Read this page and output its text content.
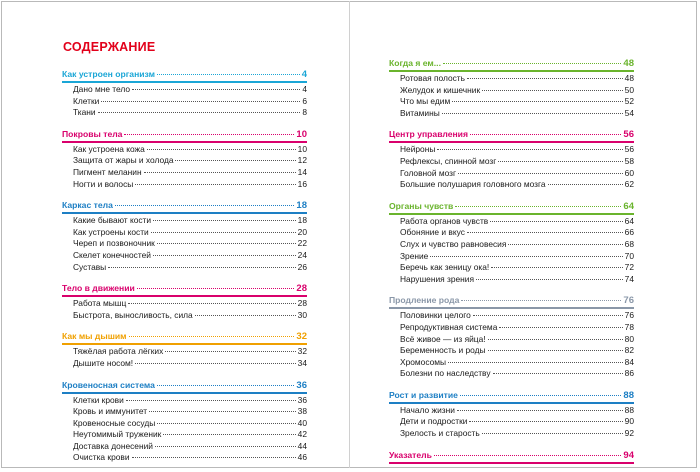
СОДЕРЖАНИЕ
Как устроен организм	4
Дано мне тело	4
Клетки	6
Ткани	8
Покровы тела	10
Как устроена кожа	10
Защита от жары и холода	12
Пигмент меланин	14
Ногти и волосы	16
Каркас тела	18
Какие бывают кости	18
Как устроены кости	20
Череп и позвоночник	22
Скелет конечностей	24
Суставы	26
Тело в движении	28
Работа мышц	28
Быстрота, выносливость, сила	30
Как мы дышим	32
Тяжёлая работа лёгких	32
Дышите носом!	34
Кровеносная система	36
Клетки крови	36
Кровь и иммунитет	38
Кровеносные сосуды	40
Неутомимый труженик	42
Доставка донесений	44
Очистка крови	46
Когда я ем...	48
Ротовая полость	48
Желудок и кишечник	50
Что мы едим	52
Витамины	54
Центр управления	56
Нейроны	56
Рефлексы, спинной мозг	58
Головной мозг	60
Большие полушария головного мозга	62
Органы чувств	64
Работа органов чувств	64
Обоняние и вкус	66
Слух и чувство равновесия	68
Зрение	70
Беречь как зеницу ока!	72
Нарушения зрения	74
Продление рода	76
Половинки целого	76
Репродуктивная система	78
Всё живое — из яйца!	80
Беременность и роды	82
Хромосомы	84
Болезни по наследству	86
Рост и развитие	88
Начало жизни	88
Дети и подростки	90
Зрелость и старость	92
Указатель	94
